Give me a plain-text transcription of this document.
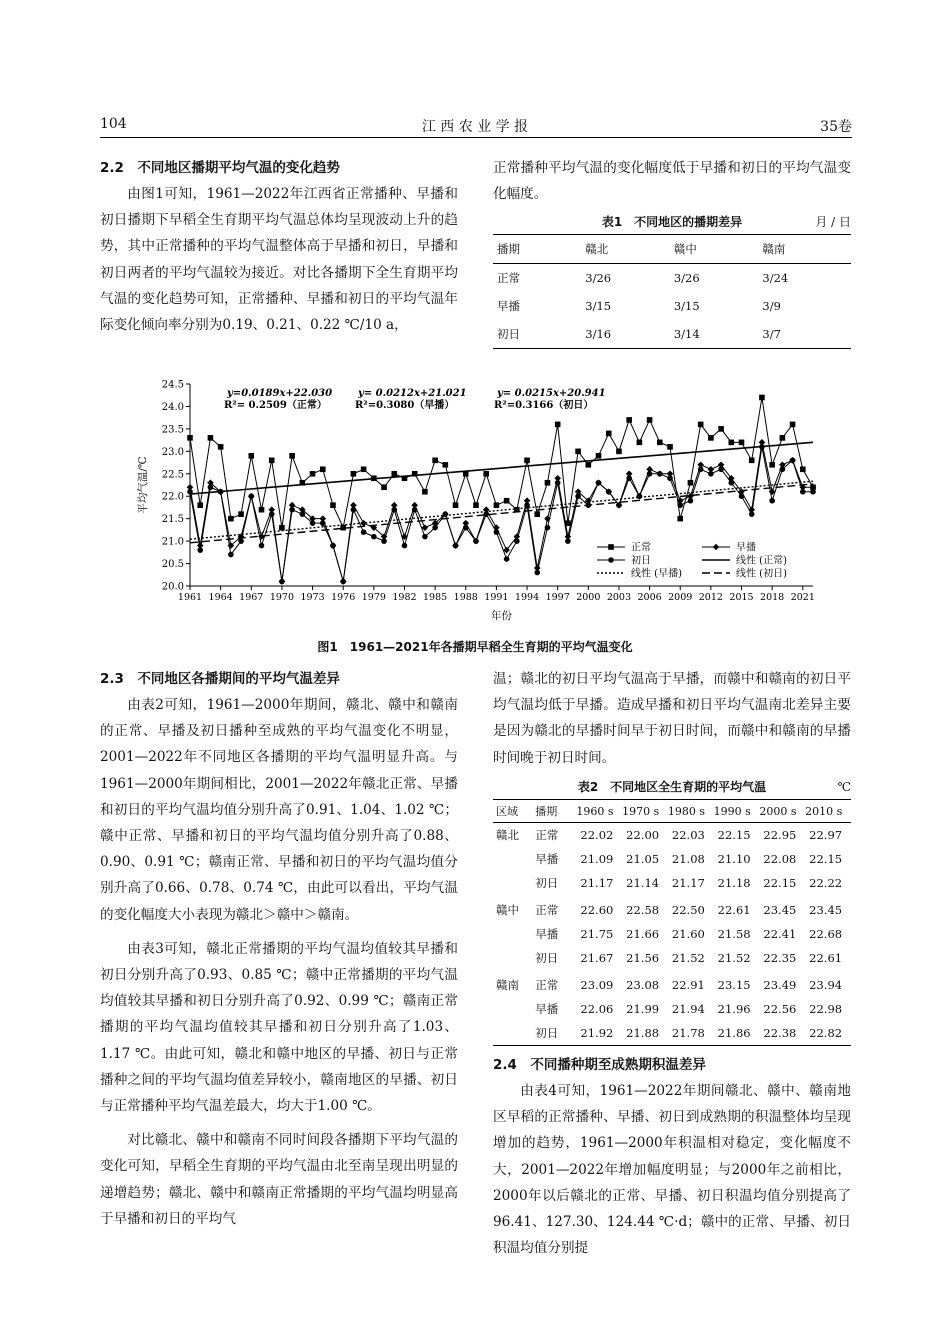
104	江 西 农 业 学 报	35卷
2.2　不同地区播期平均气温的变化趋势

由图1可知，1961—2022年江西省正常播种、早播和初日播期下早稻全生育期平均气温总体均呈现波动上升的趋势，其中正常播种的平均气温整体高于早播和初日，早播和初日两者的平均气温较为接近。对比各播期下全生育期平均气温的变化趋势可知，正常播种、早播和初日的平均气温年际变化倾向率分别为0.19、0.21、0.22 ℃/10 a，

正常播种平均气温的变化幅度低于早播和初日的平均气温变化幅度。

表1　不同地区的播期差异	月 / 日
播期	赣北	赣中	赣南
正常	3/26	3/26	3/24
早播	3/15	3/15	3/9
初日	3/16	3/14	3/7
24.5
24.0
23.5
23.0
22.5
22.0
21.5
21.0
20.5
20.0
1961 1964 1967 1970 1973 1976 1979 1982 1985 1988 1991 1994 1997 2000 2003 2006 2009 2012 2015 2018 2021
平均气温/℃
年份
y=0.0189x+22.030
R²= 0.2509（正常）
y= 0.0212x+21.021
R²=0.3080（早播）
y= 0.0215x+20.941
R²=0.3166（初日）
正常	早播
初日	线性 (正常)
线性 (早播)	线性 (初日)
图1　1961—2021年各播期早稻全生育期的平均气温变化
2.3　不同地区各播期间的平均气温差异

由表2可知，1961—2000年期间，赣北、赣中和赣南的正常、早播及初日播种至成熟的平均气温变化不明显，2001—2022年不同地区各播期的平均气温明显升高。与1961—2000年期间相比，2001—2022年赣北正常、早播和初日的平均气温均值分别升高了0.91、1.04、1.02 ℃；赣中正常、早播和初日的平均气温均值分别升高了0.88、0.90、0.91 ℃；赣南正常、早播和初日的平均气温均值分别升高了0.66、0.78、0.74 ℃，由此可以看出，平均气温的变化幅度大小表现为赣北＞赣中＞赣南。

由表3可知，赣北正常播期的平均气温均值较其早播和初日分别升高了0.93、0.85 ℃；赣中正常播期的平均气温均值较其早播和初日分别升高了0.92、0.99 ℃；赣南正常播期的平均气温均值较其早播和初日分别升高了1.03、1.17 ℃。由此可知，赣北和赣中地区的早播、初日与正常播种之间的平均气温均值差异较小，赣南地区的早播、初日与正常播种平均气温差最大，均大于1.00 ℃。

对比赣北、赣中和赣南不同时间段各播期下平均气温的变化可知，早稻全生育期的平均气温由北至南呈现出明显的递增趋势；赣北、赣中和赣南正常播期的平均气温均明显高于早播和初日的平均气

温；赣北的初日平均气温高于早播，而赣中和赣南的初日平均气温均低于早播。造成早播和初日平均气温南北差异主要是因为赣北的早播时间早于初日时间，而赣中和赣南的早播时间晚于初日时间。

表2　不同地区全生育期的平均气温	℃
区域	播期	1960 s	1970 s	1980 s	1990 s	2000 s	2010 s
赣北	正常	22.02	22.00	22.03	22.15	22.95	22.97
	早播	21.09	21.05	21.08	21.10	22.08	22.15
	初日	21.17	21.14	21.17	21.18	22.15	22.22
赣中	正常	22.60	22.58	22.50	22.61	23.45	23.45
	早播	21.75	21.66	21.60	21.58	22.41	22.68
	初日	21.67	21.56	21.52	21.52	22.35	22.61
赣南	正常	23.09	23.08	22.91	23.15	23.49	23.94
	早播	22.06	21.99	21.94	21.96	22.56	22.98
	初日	21.92	21.88	21.78	21.86	22.38	22.82
2.4　不同播种期至成熟期积温差异

由表4可知，1961—2022年期间赣北、赣中、赣南地区早稻的正常播种、早播、初日到成熟期的积温整体均呈现增加的趋势，1961—2000年积温相对稳定，变化幅度不大，2001—2022年增加幅度明显；与2000年之前相比，2000年以后赣北的正常、早播、初日积温均值分别提高了96.41、127.30、124.44 ℃·d；赣中的正常、早播、初日积温均值分别提
